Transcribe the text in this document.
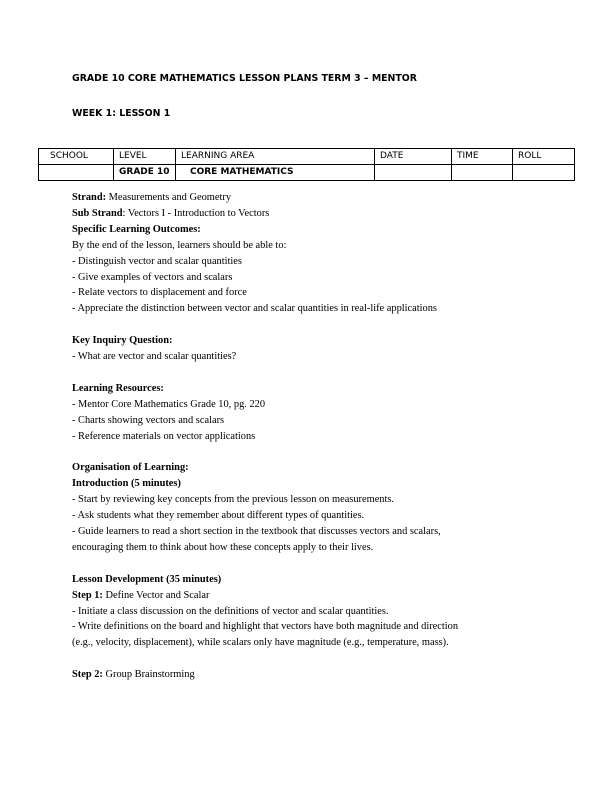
GRADE 10 CORE MATHEMATICS LESSON PLANS TERM 3 – MENTOR
WEEK 1: LESSON 1
SCHOOL	LEVEL	LEARNING AREA	DATE	TIME	ROLL
	GRADE 10	CORE MATHEMATICS			

Strand: Measurements and Geometry

Sub Strand: Vectors I - Introduction to Vectors

Specific Learning Outcomes:

By the end of the lesson, learners should be able to:

- Distinguish vector and scalar quantities

- Give examples of vectors and scalars

- Relate vectors to displacement and force

- Appreciate the distinction between vector and scalar quantities in real-life applications

Key Inquiry Question:

- What are vector and scalar quantities?

Learning Resources:

- Mentor Core Mathematics Grade 10, pg. 220

- Charts showing vectors and scalars

- Reference materials on vector applications

Organisation of Learning:

Introduction (5 minutes)

- Start by reviewing key concepts from the previous lesson on measurements.

- Ask students what they remember about different types of quantities.

- Guide learners to read a short section in the textbook that discusses vectors and scalars,

encouraging them to think about how these concepts apply to their lives.

Lesson Development (35 minutes)

Step 1: Define Vector and Scalar

- Initiate a class discussion on the definitions of vector and scalar quantities.

- Write definitions on the board and highlight that vectors have both magnitude and direction

(e.g., velocity, displacement), while scalars only have magnitude (e.g., temperature, mass).

Step 2: Group Brainstorming
